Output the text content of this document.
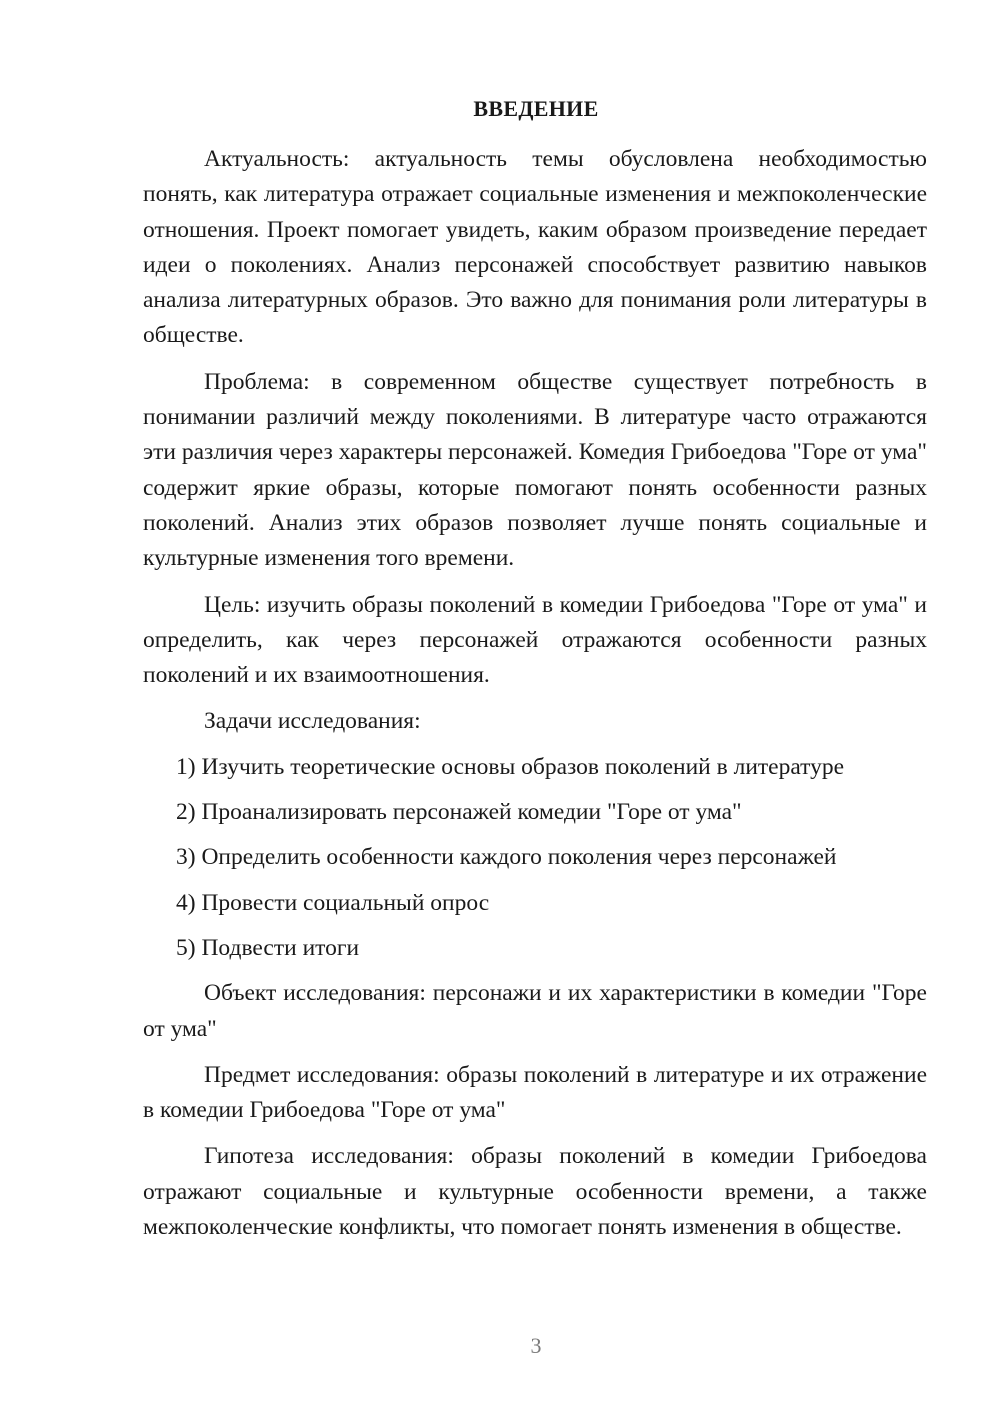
ВВЕДЕНИЕ

Актуальность: актуальность темы обусловлена необходимостью понять, как литература отражает социальные изменения и межпоколенческие отношения. Проект помогает увидеть, каким образом произведение передает идеи о поколениях. Анализ персонажей способствует развитию навыков анализа литературных образов. Это важно для понимания роли литературы в обществе.

Проблема: в современном обществе существует потребность в понимании различий между поколениями. В литературе часто отражаются эти различия через характеры персонажей. Комедия Грибоедова "Горе от ума" содержит яркие образы, которые помогают понять особенности разных поколений. Анализ этих образов позволяет лучше понять социальные и культурные изменения того времени.

Цель: изучить образы поколений в комедии Грибоедова "Горе от ума" и определить, как через персонажей отражаются особенности разных поколений и их взаимоотношения.

Задачи исследования:

1) Изучить теоретические основы образов поколений в литературе
2) Проанализировать персонажей комедии "Горе от ума"
3) Определить особенности каждого поколения через персонажей
4) Провести социальный опрос
5) Подвести итоги

Объект исследования: персонажи и их характеристики в комедии "Горе от ума"

Предмет исследования: образы поколений в литературе и их отражение в комедии Грибоедова "Горе от ума"

Гипотеза исследования: образы поколений в комедии Грибоедова отражают социальные и культурные особенности времени, а также межпоколенческие конфликты, что помогает понять изменения в обществе.

3
